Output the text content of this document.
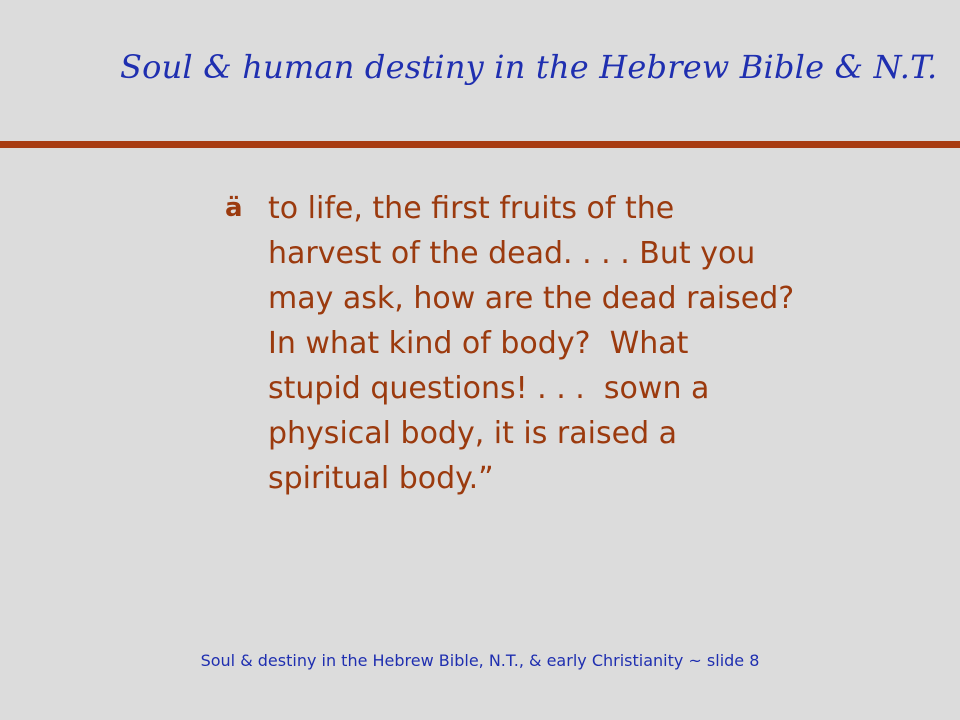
Soul & human destiny in the Hebrew Bible & N.T.
ä to life, the first fruits of the
harvest of the dead. . . . But you
may ask, how are the dead raised?
In what kind of body?  What
stupid questions! . . .  sown a
physical body, it is raised a
spiritual body.”
Soul & destiny in the Hebrew Bible, N.T., & early Christianity ~ slide 8
